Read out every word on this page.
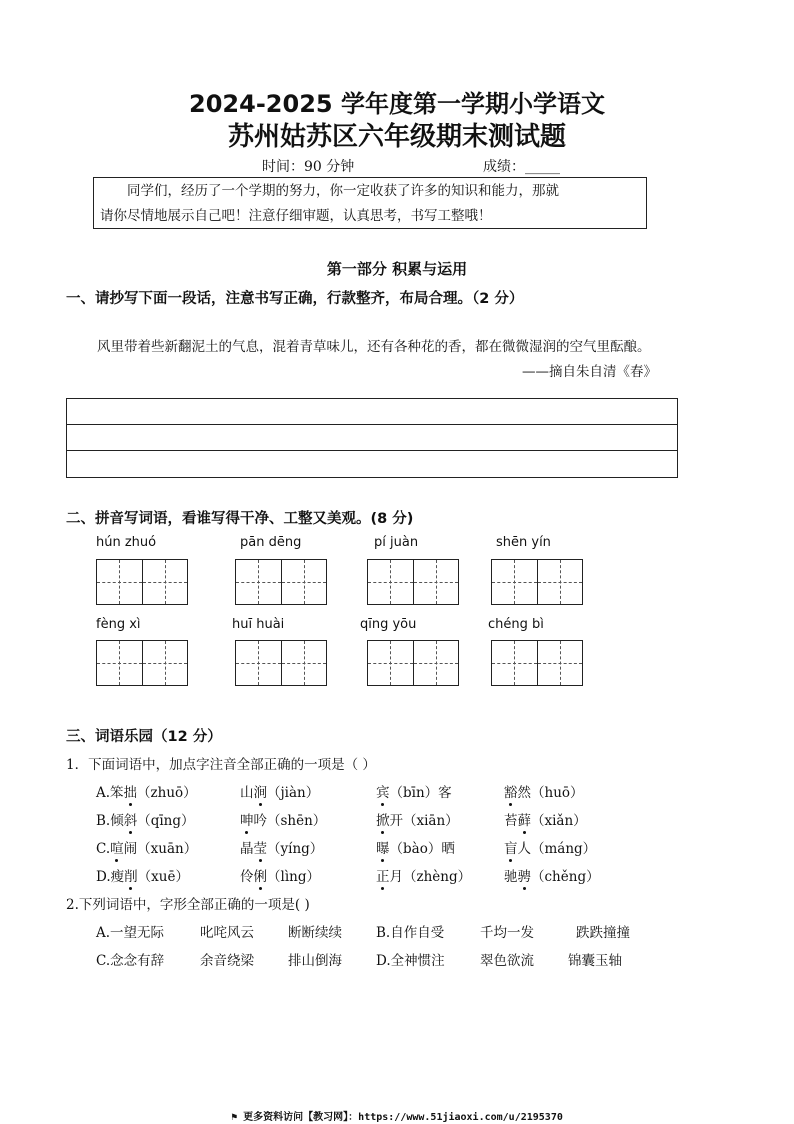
2024-2025 学年度第一学期小学语文
苏州姑苏区六年级期末测试题
时间：90 分钟	成绩：_____
同学们，经历了一个学期的努力，你一定收获了许多的知识和能力，那就
请你尽情地展示自己吧！注意仔细审题，认真思考，书写工整哦！
第一部分 积累与运用
一、请抄写下面一段话，注意书写正确，行款整齐，布局合理。（2 分）
风里带着些新翻泥土的气息，混着青草味儿，还有各种花的香，都在微微湿润的空气里酝酿。
——摘自朱自清《春》
二、拼音写词语，看谁写得干净、工整又美观。(8 分)
hún zhuó	pān dēng	pí juàn	shēn yín
fèng xì	huī huài	qīng yōu	chéng bì
三、词语乐园（12 分）
1．下面词语中，加点字注音全部正确的一项是（ ）
A.笨拙（zhuō）	山涧（jiàn）	宾（bīn）客	豁然（huō）
B.倾斜（qīng）	呻吟（shēn）	掀开（xiān）	苔藓（xiǎn）
C.喧闹（xuān）	晶莹（yíng）	曝（bào）晒	盲人（máng）
D.瘦削（xuē）	伶俐（lìng）	正月（zhèng） 驰骋（chěng）
2.下列词语中，字形全部正确的一项是( )
A.一望无际	叱咤风云	断断续续	B.自作自受	千均一发	跌跌撞撞
C.念念有辞	余音绕梁	排山倒海	D.全神惯注	翠色欲流	锦囊玉轴
⚑ 更多资料访问【教习网】：https://www.51jiaoxi.com/u/2195370
